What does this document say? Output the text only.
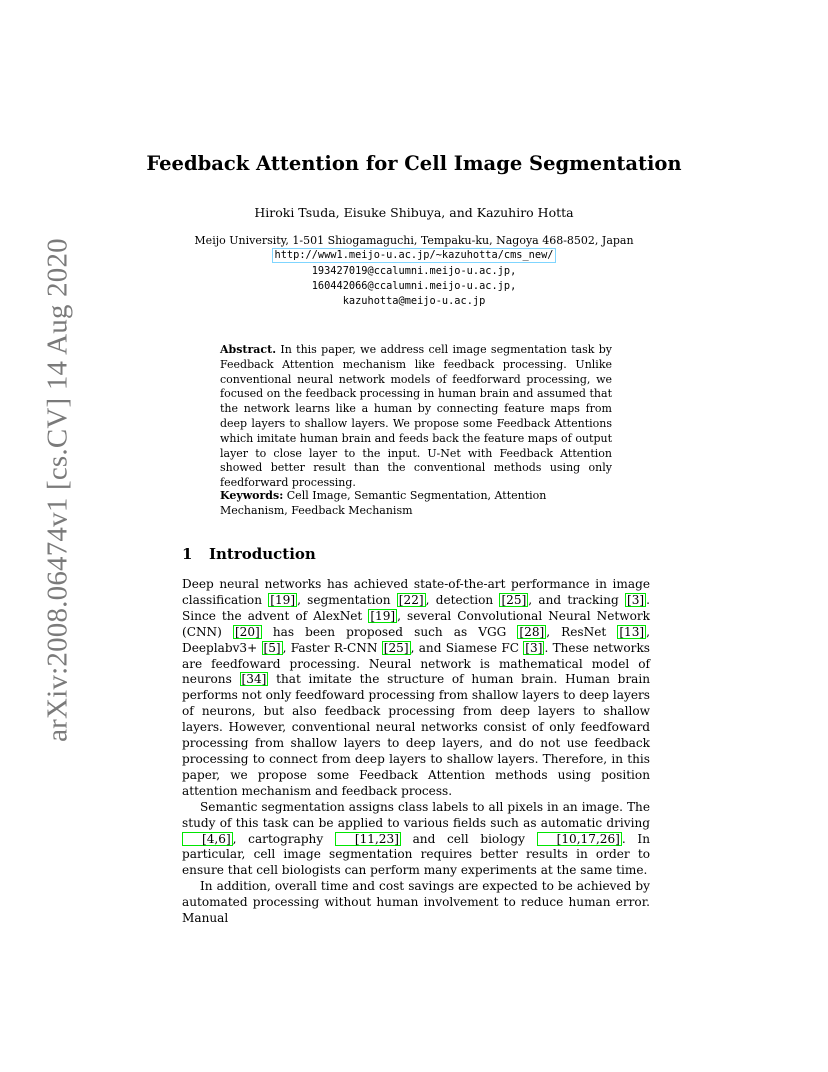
arXiv:2008.06474v1 [cs.CV] 14 Aug 2020
Feedback Attention for Cell Image Segmentation
Hiroki Tsuda, Eisuke Shibuya, and Kazuhiro Hotta
Meijo University, 1-501 Shiogamaguchi, Tempaku-ku, Nagoya 468-8502, Japan
http://www1.meijo-u.ac.jp/~kazuhotta/cms_new/
193427019@ccalumni.meijo-u.ac.jp,
160442066@ccalumni.meijo-u.ac.jp,
kazuhotta@meijo-u.ac.jp
Abstract. In this paper, we address cell image segmentation task by Feedback Attention mechanism like feedback processing. Unlike conventional neural network models of feedforward processing, we focused on the feedback processing in human brain and assumed that the network learns like a human by connecting feature maps from deep layers to shallow layers. We propose some Feedback Attentions which imitate human brain and feeds back the feature maps of output layer to close layer to the input. U-Net with Feedback Attention showed better result than the conventional methods using only feedforward processing.
Keywords: Cell Image, Semantic Segmentation, Attention Mechanism, Feedback Mechanism
1 Introduction

Deep neural networks has achieved state-of-the-art performance in image classification [19] , segmentation [22] , detection [25] , and tracking [3] . Since the advent of AlexNet [19] , several Convolutional Neural Network (CNN) [20] has been proposed such as VGG [28] , ResNet [13] , Deeplabv3+ [5] , Faster R-CNN [25] , and Siamese FC [3] . These networks are feedfoward processing. Neural network is mathematical model of neurons [34] that imitate the structure of human brain. Human brain performs not only feedfoward processing from shallow layers to deep layers of neurons, but also feedback processing from deep layers to shallow layers. However, conventional neural networks consist of only feedfoward processing from shallow layers to deep layers, and do not use feedback processing to connect from deep layers to shallow layers. Therefore, in this paper, we propose some Feedback Attention methods using position attention mechanism and feedback process.

Semantic segmentation assigns class labels to all pixels in an image. The study of this task can be applied to various fields such as automatic driving [4,6] , cartography [11,23] and cell biology [10,17,26] . In particular, cell image segmentation requires better results in order to ensure that cell biologists can perform many experiments at the same time.

In addition, overall time and cost savings are expected to be achieved by automated processing without human involvement to reduce human error. Manual
